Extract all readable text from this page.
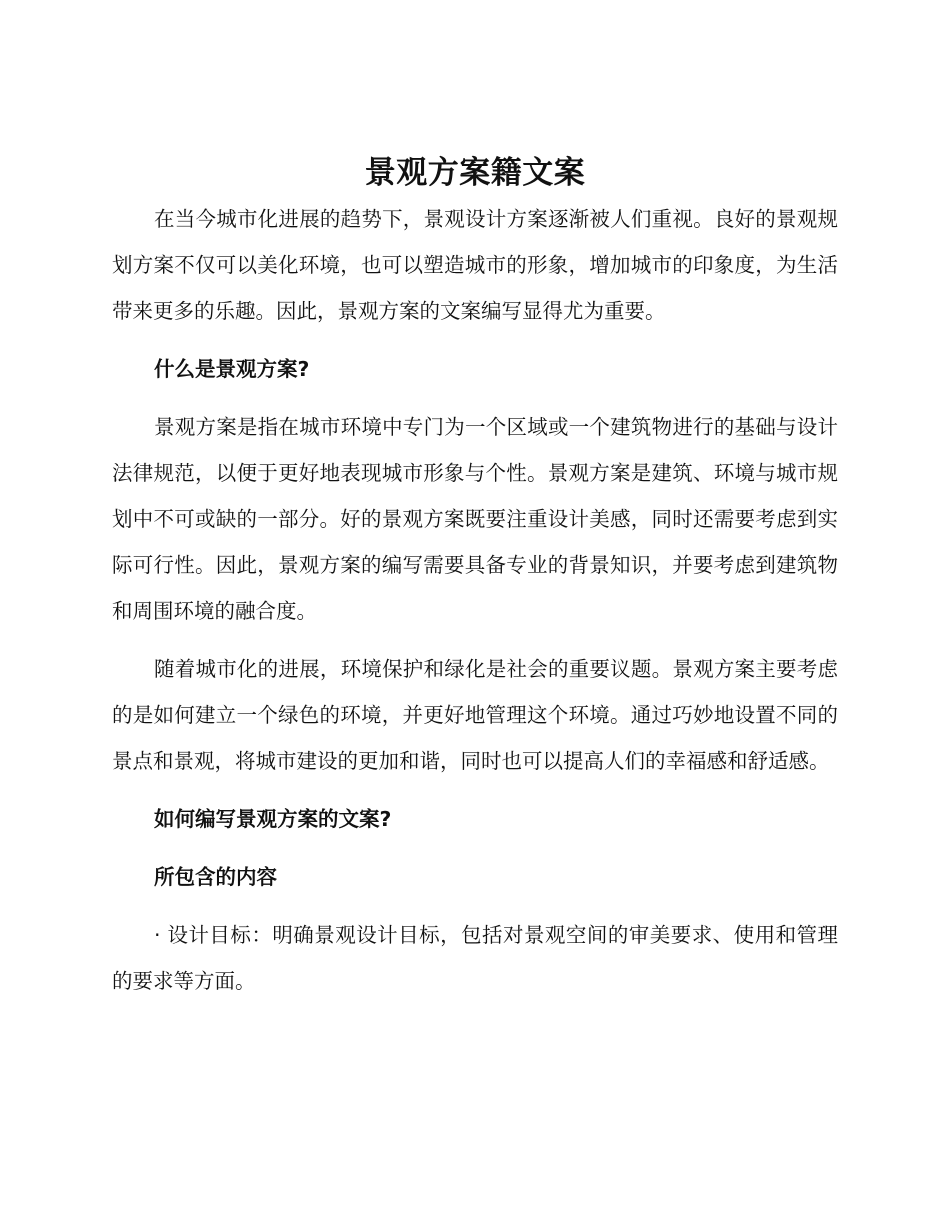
景观方案籍文案

在当今城市化进展的趋势下，景观设计方案逐渐被人们重视。良好的景观规划方案不仅可以美化环境，也可以塑造城市的形象，增加城市的印象度，为生活带来更多的乐趣。因此，景观方案的文案编写显得尤为重要。

什么是景观方案?

景观方案是指在城市环境中专门为一个区域或一个建筑物进行的基础与设计法律规范，以便于更好地表现城市形象与个性。景观方案是建筑、环境与城市规划中不可或缺的一部分。好的景观方案既要注重设计美感，同时还需要考虑到实际可行性。因此，景观方案的编写需要具备专业的背景知识，并要考虑到建筑物和周围环境的融合度。

随着城市化的进展，环境保护和绿化是社会的重要议题。景观方案主要考虑的是如何建立一个绿色的环境，并更好地管理这个环境。通过巧妙地设置不同的景点和景观，将城市建设的更加和谐，同时也可以提高人们的幸福感和舒适感。

如何编写景观方案的文案?

所包含的内容

· 设计目标：明确景观设计目标，包括对景观空间的审美要求、使用和管理的要求等方面。
